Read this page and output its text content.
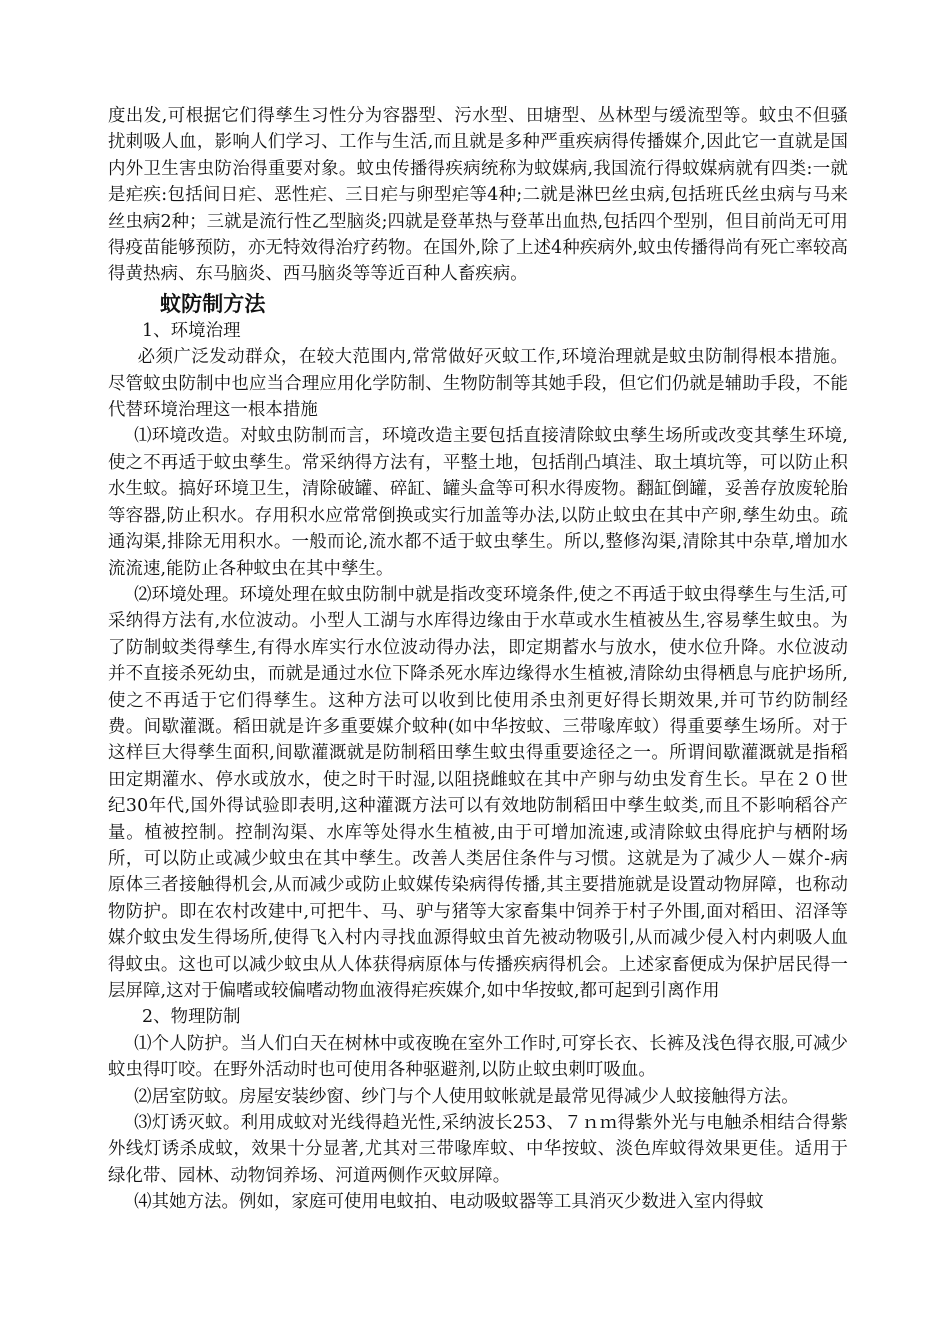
度出发,可根据它们得孳生习性分为容器型、污水型、田塘型、丛林型与缓流型等。蚊虫不但骚扰刺吸人血，影响人们学习、工作与生活,而且就是多种严重疾病得传播媒介,因此它一直就是国内外卫生害虫防治得重要对象。蚊虫传播得疾病统称为蚊媒病,我国流行得蚊媒病就有四类:一就是疟疾:包括间日疟、恶性疟、三日疟与卵型疟等4种;二就是淋巴丝虫病,包括班氏丝虫病与马来丝虫病2种；三就是流行性乙型脑炎;四就是登革热与登革出血热,包括四个型别，但目前尚无可用得疫苗能够预防，亦无特效得治疗药物。在国外,除了上述4种疾病外,蚊虫传播得尚有死亡率较高得黄热病、东马脑炎、西马脑炎等等近百种人畜疾病。

蚊防制方法

1、环境治理

必须广泛发动群众，在较大范围内,常常做好灭蚊工作,环境治理就是蚊虫防制得根本措施。尽管蚊虫防制中也应当合理应用化学防制、生物防制等其她手段，但它们仍就是辅助手段，不能代替环境治理这一根本措施

⑴环境改造。对蚊虫防制而言，环境改造主要包括直接清除蚊虫孳生场所或改变其孳生环境,使之不再适于蚊虫孳生。常采纳得方法有，平整土地，包括削凸填洼、取土填坑等，可以防止积水生蚊。搞好环境卫生，清除破罐、碎缸、罐头盒等可积水得废物。翻缸倒罐，妥善存放废轮胎等容器,防止积水。存用积水应常常倒换或实行加盖等办法,以防止蚊虫在其中产卵,孳生幼虫。疏通沟渠,排除无用积水。一般而论,流水都不适于蚊虫孳生。所以,整修沟渠,清除其中杂草,增加水流流速,能防止各种蚊虫在其中孳生。

⑵环境处理。环境处理在蚊虫防制中就是指改变环境条件,使之不再适于蚊虫得孳生与生活,可采纳得方法有,水位波动。小型人工湖与水库得边缘由于水草或水生植被丛生,容易孳生蚊虫。为了防制蚊类得孳生,有得水库实行水位波动得办法，即定期蓄水与放水，使水位升降。水位波动并不直接杀死幼虫，而就是通过水位下降杀死水库边缘得水生植被,清除幼虫得栖息与庇护场所,使之不再适于它们得孳生。这种方法可以收到比使用杀虫剂更好得长期效果,并可节约防制经费。间歇灌溉。稻田就是许多重要媒介蚊种(如中华按蚊、三带喙库蚊）得重要孳生场所。对于这样巨大得孳生面积,间歇灌溉就是防制稻田孳生蚊虫得重要途径之一。所谓间歇灌溉就是指稻田定期灌水、停水或放水，使之时干时湿,以阻挠雌蚊在其中产卵与幼虫发育生长。早在２０世纪30年代,国外得试验即表明,这种灌溉方法可以有效地防制稻田中孳生蚊类,而且不影响稻谷产量。植被控制。控制沟渠、水库等处得水生植被,由于可增加流速,或清除蚊虫得庇护与栖附场所，可以防止或减少蚊虫在其中孳生。改善人类居住条件与习惯。这就是为了减少人－媒介-病原体三者接触得机会,从而减少或防止蚊媒传染病得传播,其主要措施就是设置动物屏障，也称动物防护。即在农村改建中,可把牛、马、驴与猪等大家畜集中饲养于村子外围,面对稻田、沼泽等媒介蚊虫发生得场所,使得飞入村内寻找血源得蚊虫首先被动物吸引,从而减少侵入村内刺吸人血得蚊虫。这也可以减少蚊虫从人体获得病原体与传播疾病得机会。上述家畜便成为保护居民得一层屏障,这对于偏嗜或较偏嗜动物血液得疟疾媒介,如中华按蚊,都可起到引离作用

2、物理防制

⑴个人防护。当人们白天在树林中或夜晚在室外工作时,可穿长衣、长裤及浅色得衣服,可减少蚊虫得叮咬。在野外活动时也可使用各种驱避剂,以防止蚊虫刺叮吸血。

⑵居室防蚊。房屋安装纱窗、纱门与个人使用蚊帐就是最常见得减少人蚊接触得方法。

⑶灯诱灭蚊。利用成蚊对光线得趋光性,采纳波长253、７ｎｍ得紫外光与电触杀相结合得紫外线灯诱杀成蚊，效果十分显著,尤其对三带喙库蚊、中华按蚊、淡色库蚊得效果更佳。适用于绿化带、园林、动物饲养场、河道两侧作灭蚊屏障。

⑷其她方法。例如，家庭可使用电蚊拍、电动吸蚊器等工具消灭少数进入室内得蚊
